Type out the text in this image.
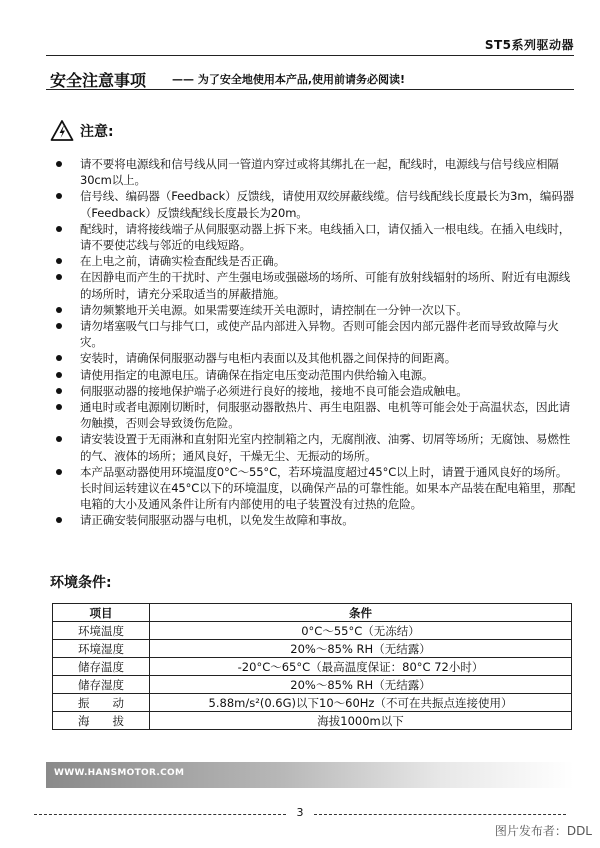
ST5系列驱动器
安全注意事项 —— 为了安全地使用本产品,使用前请务必阅读!
注意:
请不要将电源线和信号线从同一管道内穿过或将其绑扎在一起，配线时，电源线与信号线应相隔30cm以上。
信号线、编码器（Feedback）反馈线，请使用双绞屏蔽线缆。信号线配线长度最长为3m，编码器（Feedback）反馈线配线长度最长为20m。
配线时，请将接线端子从伺服驱动器上拆下来。电线插入口，请仅插入一根电线。在插入电线时，请不要使芯线与邻近的电线短路。
在上电之前，请确实检查配线是否正确。
在因静电而产生的干扰时、产生强电场或强磁场的场所、可能有放射线辐射的场所、附近有电源线的场所时，请充分采取适当的屏蔽措施。
请勿频繁地开关电源。如果需要连续开关电源时，请控制在一分钟一次以下。
请勿堵塞吸气口与排气口，或使产品内部进入异物。否则可能会因内部元器件老而导致故障与火灾。
安装时，请确保伺服驱动器与电柜内表面以及其他机器之间保持的间距离。
请使用指定的电源电压。请确保在指定电压变动范围内供给输入电源。
伺服驱动器的接地保护端子必须进行良好的接地，接地不良可能会造成触电。
通电时或者电源刚切断时，伺服驱动器散热片、再生电阻器、电机等可能会处于高温状态，因此请勿触摸，否则会导致烫伤危险。
请安装设置于无雨淋和直射阳光室内控制箱之内，无腐削液、油雾、切屑等场所；无腐蚀、易燃性的气、液体的场所；通风良好，干燥无尘、无振动的场所。
本产品驱动器使用环境温度0°C～55°C，若环境温度超过45°C以上时，请置于通风良好的场所。长时间运转建议在45°C以下的环境温度，以确保产品的可靠性能。如果本产品装在配电箱里，那配电箱的大小及通风条件让所有内部使用的电子装置没有过热的危险。
请正确安装伺服驱动器与电机，以免发生故障和事故。
环境条件:
项目	条件
环境温度	0°C～55°C（无冻结）
环境湿度	20%～85% RH（无结露）
储存温度	-20°C～65°C（最高温度保证：80°C 72小时）
储存湿度	20%～85% RH（无结露）
振　　动	5.88m/s²(0.6G)以下10～60Hz（不可在共振点连接使用）
海　　拔	海拔1000m以下
WWW.HANSMOTOR.COM
3
图片发布者：DDL
